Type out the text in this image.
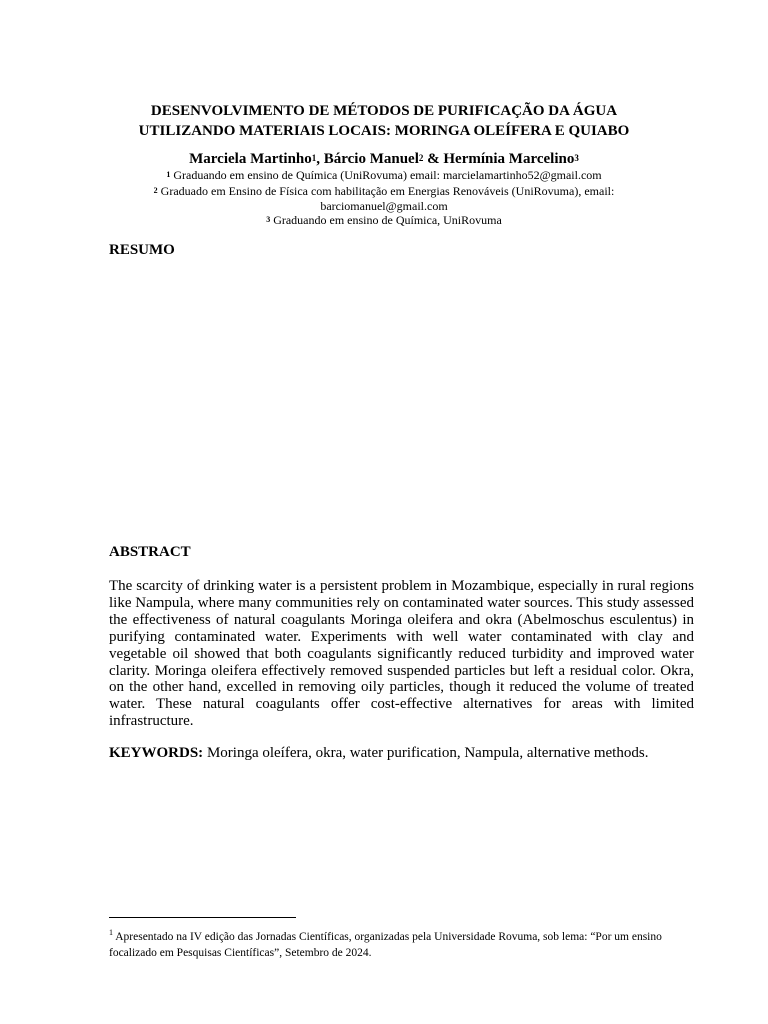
DESENVOLVIMENTO DE MÉTODOS DE PURIFICAÇÃO DA ÁGUA
UTILIZANDO MATERIAIS LOCAIS: MORINGA OLEÍFERA E QUIABO
Marciela Martinho$^1$, Bárcio Manuel$^2$ & Hermínia Marcelino$^3$
$^1$ Graduando em ensino de Química (UniRovuma) email: marcielamartinho52@gmail.com
$^2$ Graduado em Ensino de Física com habilitação em Energias Renováveis (UniRovuma), email:
barciomanuel@gmail.com
$^3$ Graduando em ensino de Química, UniRovuma
RESUMO
ABSTRACT
The scarcity of drinking water is a persistent problem in Mozambique, especially in rural regions like Nampula, where many communities rely on contaminated water sources. This study assessed the effectiveness of natural coagulants Moringa oleifera and okra (Abelmoschus esculentus) in purifying contaminated water. Experiments with well water contaminated with clay and vegetable oil showed that both coagulants significantly reduced turbidity and improved water clarity. Moringa oleifera effectively removed suspended particles but left a residual color. Okra, on the other hand, excelled in removing oily particles, though it reduced the volume of treated water. These natural coagulants offer cost-effective alternatives for areas with limited infrastructure.
KEYWORDS: Moringa oleífera, okra, water purification, Nampula, alternative methods.
$^1$ Apresentado na IV edição das Jornadas Científicas, organizadas pela Universidade Rovuma, sob lema: “Por um ensino focalizado em Pesquisas Científicas”, Setembro de 2024.
